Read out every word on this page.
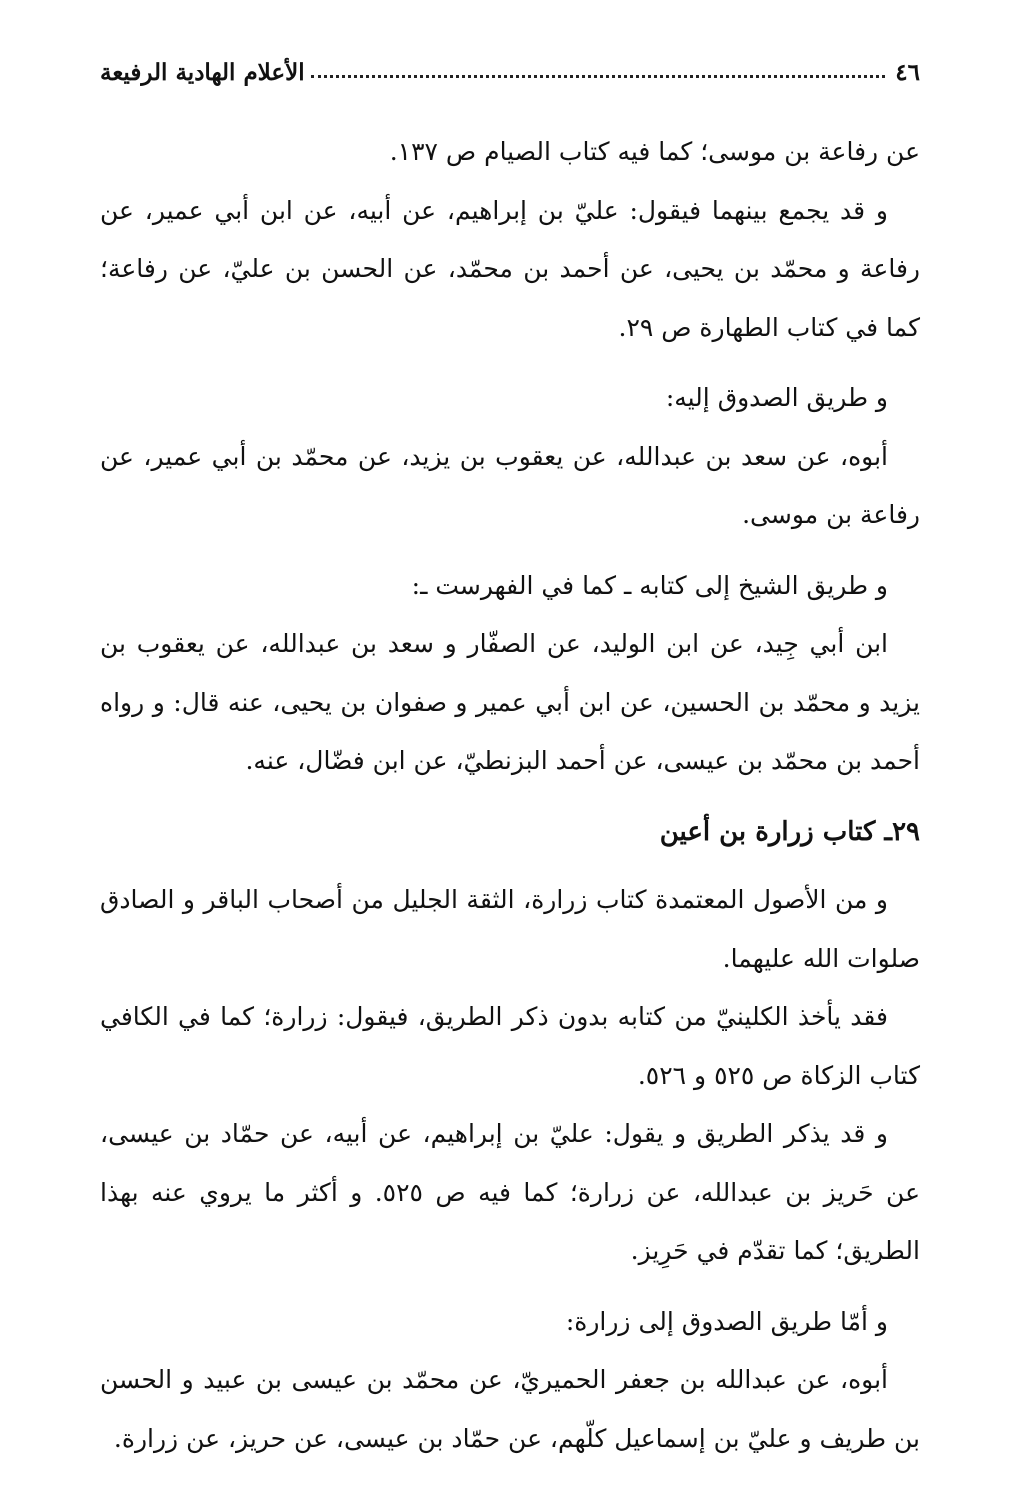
٤٦
الأعلام الهادية الرفيعة

عن رفاعة بن موسى؛ كما فيه كتاب الصيام ص ١٣٧.

و قد يجمع بينهما فيقول: عليّ بن إبراهيم، عن أبيه، عن ابن أبي عمير، عن رفاعة و محمّد بن يحيى، عن أحمد بن محمّد، عن الحسن بن عليّ، عن رفاعة؛ كما في كتاب الطهارة ص ٢٩.

و طريق الصدوق إليه:

أبوه، عن سعد بن عبدالله، عن يعقوب بن يزيد، عن محمّد بن أبي عمير، عن رفاعة بن موسى.

و طريق الشيخ إلى كتابه ـ كما في الفهرست ـ:

ابن أبي جِيد، عن ابن الوليد، عن الصفّار و سعد بن عبدالله، عن يعقوب بن يزيد و محمّد بن الحسين، عن ابن أبي عمير و صفوان بن يحيى، عنه قال: و رواه أحمد بن محمّد بن عيسى، عن أحمد البزنطيّ، عن ابن فضّال، عنه.

٢٩ـ كتاب زرارة بن أعين

و من الأصول المعتمدة كتاب زرارة، الثقة الجليل من أصحاب الباقر و الصادق صلوات الله عليهما.

فقد يأخذ الكلينيّ من كتابه بدون ذكر الطريق، فيقول: زرارة؛ كما في الكافي كتاب الزكاة ص ٥٢٥ و ٥٢٦.

و قد يذكر الطريق و يقول: عليّ بن إبراهيم، عن أبيه، عن حمّاد بن عيسى، عن حَريز بن عبدالله، عن زرارة؛ كما فيه ص ٥٢٥. و أكثر ما يروي عنه بهذا الطريق؛ كما تقدّم في حَرِيز.

و أمّا طريق الصدوق إلى زرارة:

أبوه، عن عبدالله بن جعفر الحميريّ، عن محمّد بن عيسى بن عبيد و الحسن بن طريف و عليّ بن إسماعيل كلّهم، عن حمّاد بن عيسى، عن حريز، عن زرارة.
